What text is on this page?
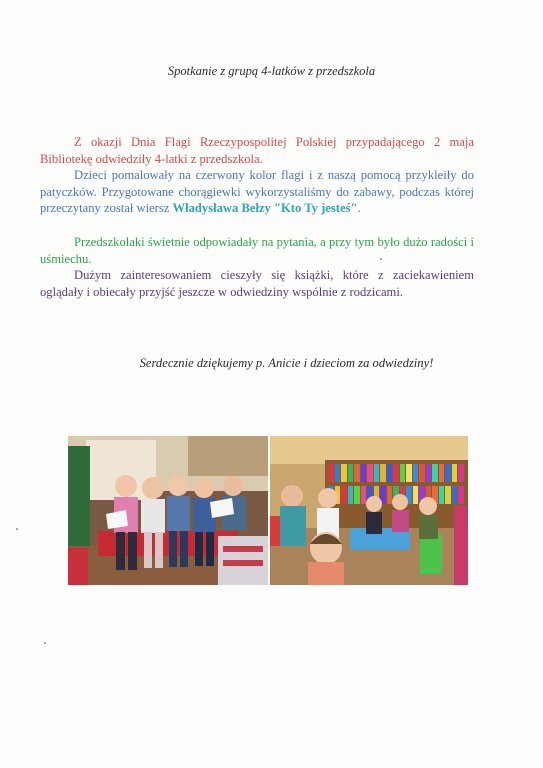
Spotkanie z grupą 4-latków z przedszkola

Z okazji Dnia Flagi Rzeczypospolitej Polskiej przypadającego 2 maja Bibliotekę odwiedziły 4-latki z przedszkola.

Dzieci pomalowały na czerwony kolor flagi i z naszą pomocą przykleiły do patyczków. Przygotowane chorągiewki wykorzystaliśmy do zabawy, podczas której przeczytany został wiersz Władysława Bełzy "Kto Ty jesteś".

Przedszkolaki świetnie odpowiadały na pytania, a przy tym było dużo radości i uśmiechu.

Dużym zainteresowaniem cieszyły się książki, które z zaciekawieniem oglądały i obiecały przyjść jeszcze w odwiedziny wspólnie z rodzicami.

Serdecznie dziękujemy p. Anicie i dzieciom za odwiedziny!
